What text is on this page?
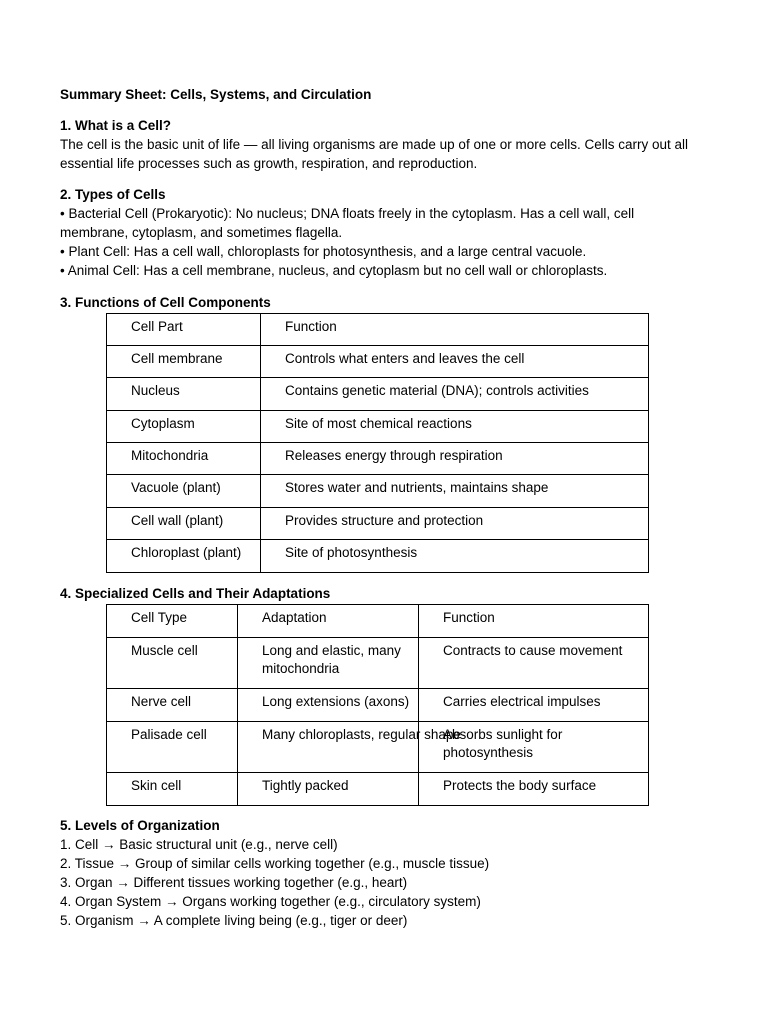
Summary Sheet: Cells, Systems, and Circulation
1. What is a Cell?
The cell is the basic unit of life — all living organisms are made up of one or more cells. Cells carry out all
essential life processes such as growth, respiration, and reproduction.
2. Types of Cells
• Bacterial Cell (Prokaryotic): No nucleus; DNA floats freely in the cytoplasm. Has a cell wall, cell
membrane, cytoplasm, and sometimes flagella.
• Plant Cell: Has a cell wall, chloroplasts for photosynthesis, and a large central vacuole.
• Animal Cell: Has a cell membrane, nucleus, and cytoplasm but no cell wall or chloroplasts.
3. Functions of Cell Components
Cell Part	Function
Cell membrane	Controls what enters and leaves the cell
Nucleus	Contains genetic material (DNA); controls activities
Cytoplasm	Site of most chemical reactions
Mitochondria	Releases energy through respiration
Vacuole (plant)	Stores water and nutrients, maintains shape
Cell wall (plant)	Provides structure and protection
Chloroplast (plant)	Site of photosynthesis
4. Specialized Cells and Their Adaptations
Cell Type	Adaptation	Function
Muscle cell	Long and elastic, many mitochondria	Contracts to cause movement
Nerve cell	Long extensions (axons)	Carries electrical impulses
Palisade cell	Many chloroplasts, regular shape	Absorbs sunlight for photosynthesis
Skin cell	Tightly packed	Protects the body surface
5. Levels of Organization
1. Cell → Basic structural unit (e.g., nerve cell)
2. Tissue → Group of similar cells working together (e.g., muscle tissue)
3. Organ → Different tissues working together (e.g., heart)
4. Organ System → Organs working together (e.g., circulatory system)
5. Organism → A complete living being (e.g., tiger or deer)
